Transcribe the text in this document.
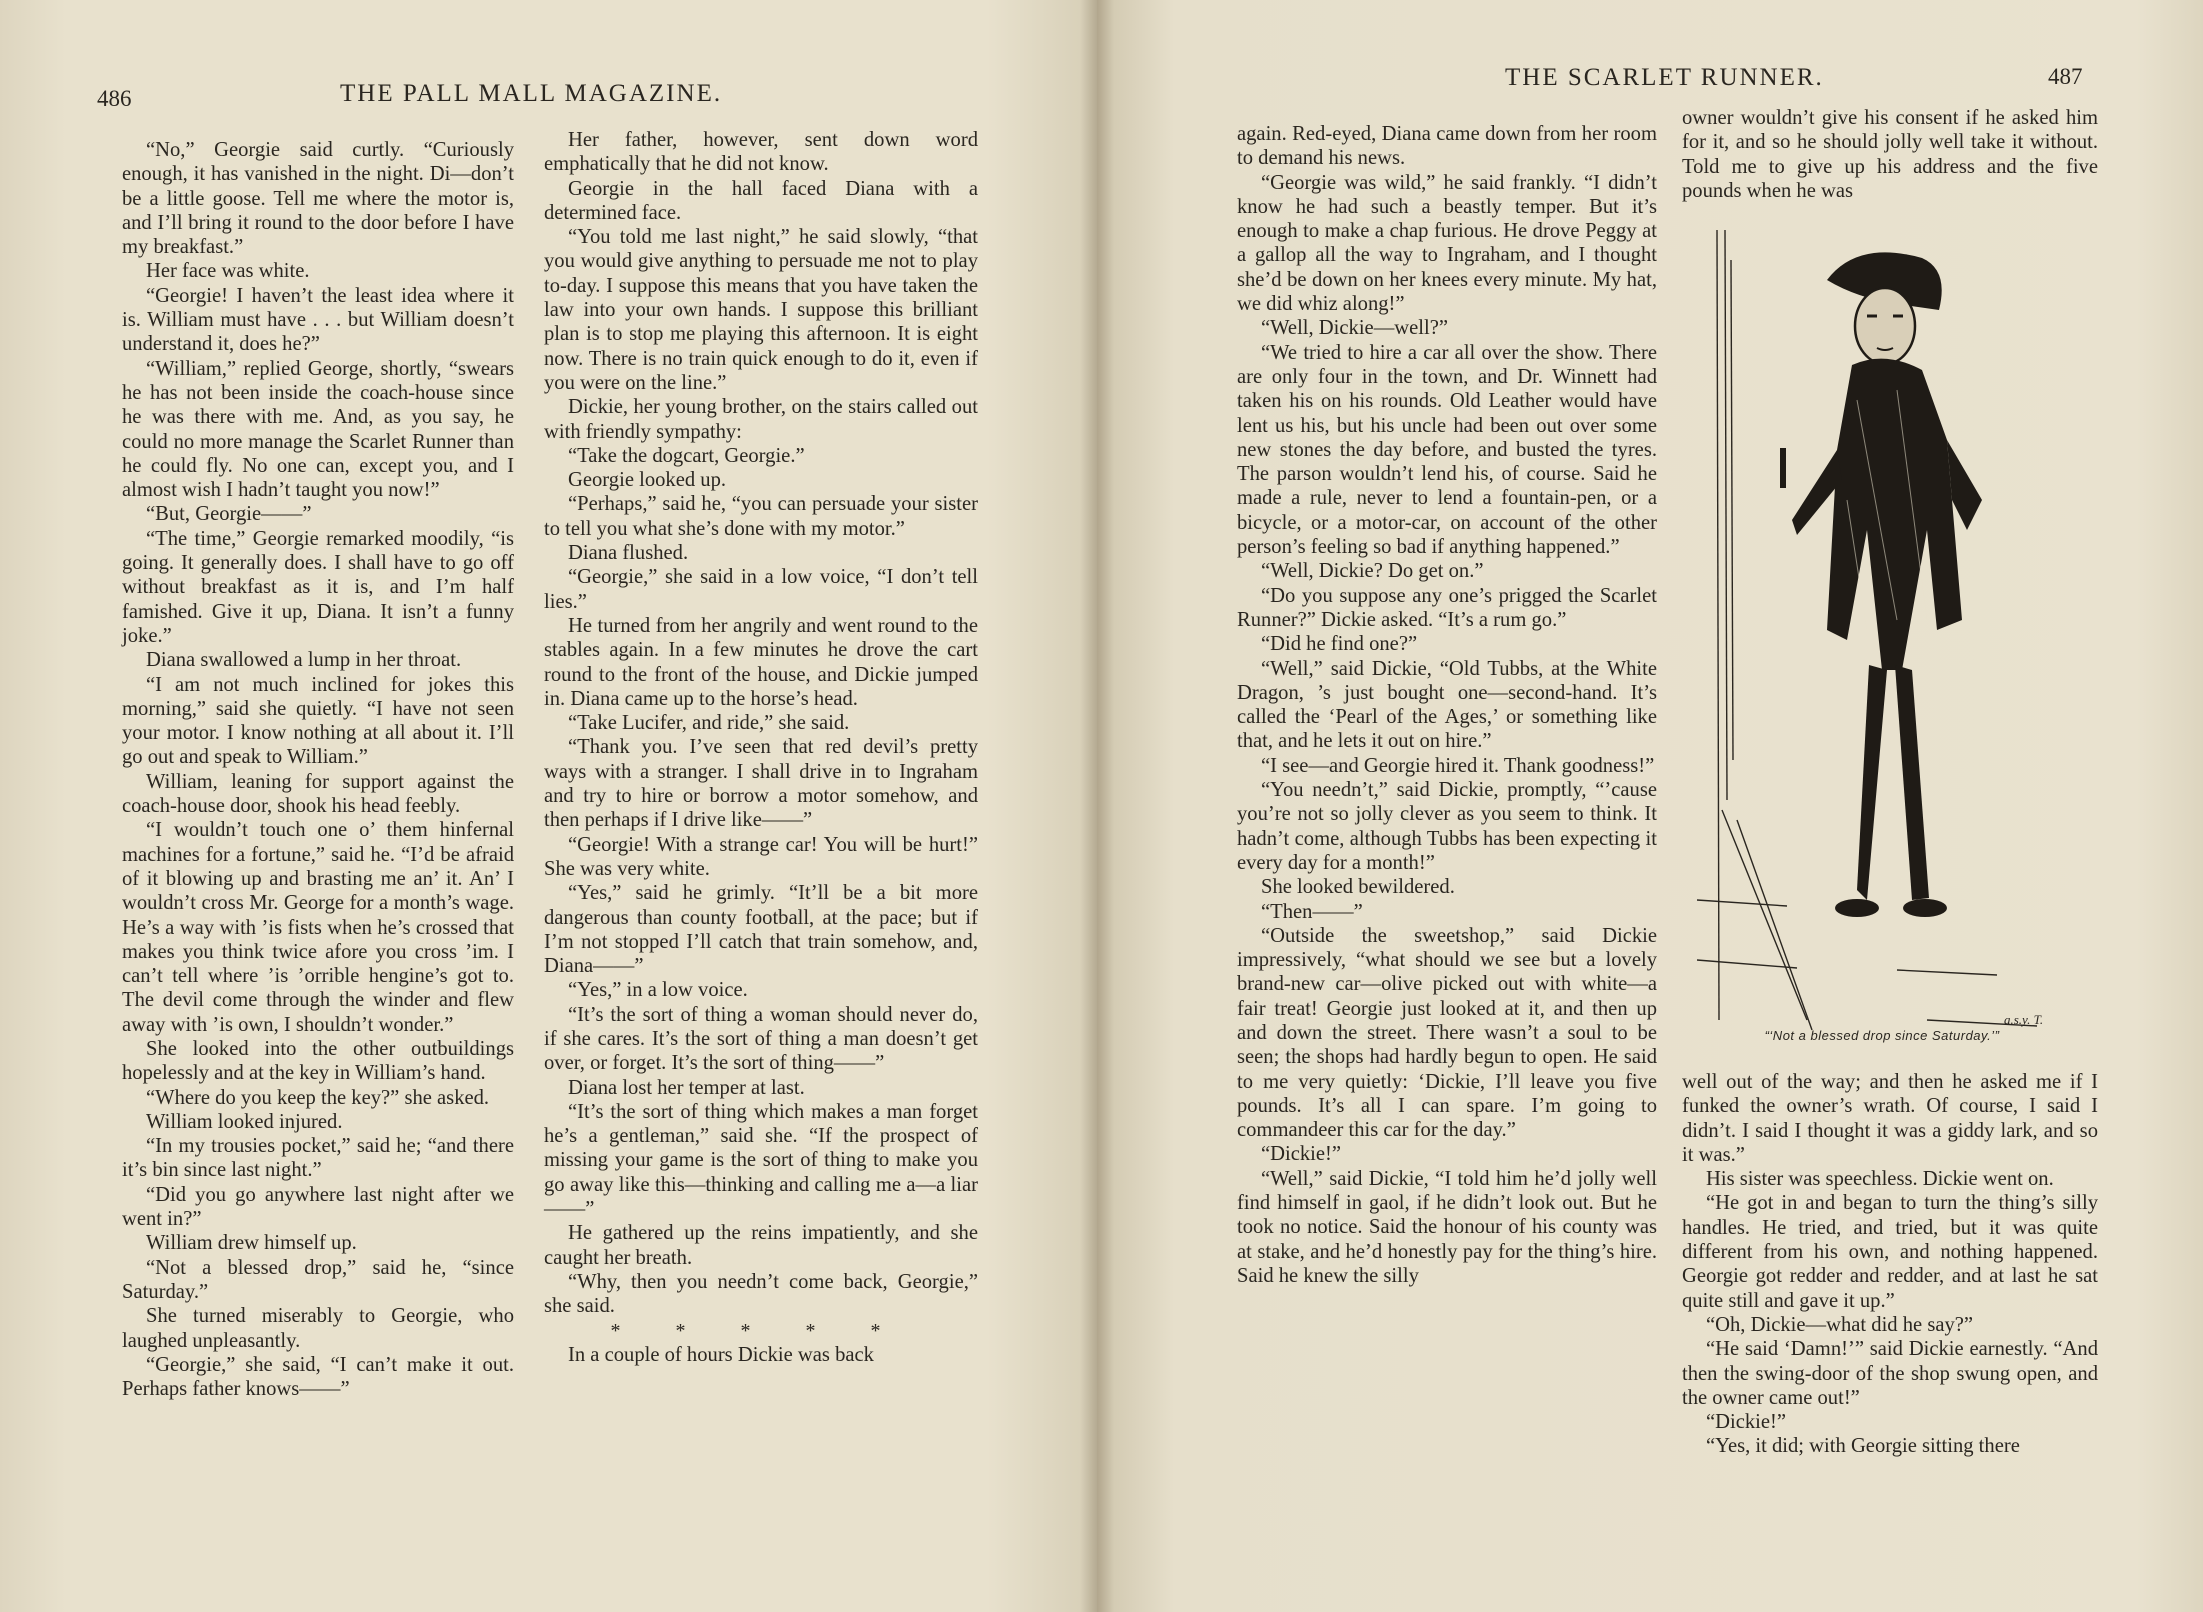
486	THE PALL MALL MAGAZINE.

“No,” Georgie said curtly. “Curiously enough, it has vanished in the night. Di—don’t be a little goose. Tell me where the motor is, and I’ll bring it round to the door before I have my breakfast.”

Her face was white.

“Georgie! I haven’t the least idea where it is. William must have . . . but William doesn’t understand it, does he?”

“William,” replied George, shortly, “swears he has not been inside the coach-house since he was there with me. And, as you say, he could no more manage the Scarlet Runner than he could fly. No one can, except you, and I almost wish I hadn’t taught you now!”

“But, Georgie——”

“The time,” Georgie remarked moodily, “is going. It generally does. I shall have to go off without breakfast as it is, and I’m half famished. Give it up, Diana. It isn’t a funny joke.”

Diana swallowed a lump in her throat.

“I am not much inclined for jokes this morning,” said she quietly. “I have not seen your motor. I know nothing at all about it. I’ll go out and speak to William.”

William, leaning for support against the coach-house door, shook his head feebly.

“I wouldn’t touch one o’ them hinfernal machines for a fortune,” said he. “I’d be afraid of it blowing up and brasting me an’ it. An’ I wouldn’t cross Mr. George for a month’s wage. He’s a way with ’is fists when he’s crossed that makes you think twice afore you cross ’im. I can’t tell where ’is ’orrible hengine’s got to. The devil come through the winder and flew away with ’is own, I shouldn’t wonder.”

She looked into the other outbuildings hopelessly and at the key in William’s hand.

“Where do you keep the key?” she asked.

William looked injured.

“In my trousies pocket,” said he; “and there it’s bin since last night.”

“Did you go anywhere last night after we went in?”

William drew himself up.

“Not a blessed drop,” said he, “since Saturday.”

She turned miserably to Georgie, who laughed unpleasantly.

“Georgie,” she said, “I can’t make it out. Perhaps father knows——”

Her father, however, sent down word emphatically that he did not know.

Georgie in the hall faced Diana with a determined face.

“You told me last night,” he said slowly, “that you would give anything to persuade me not to play to-day. I suppose this means that you have taken the law into your own hands. I suppose this brilliant plan is to stop me playing this afternoon. It is eight now. There is no train quick enough to do it, even if you were on the line.”

Dickie, her young brother, on the stairs called out with friendly sympathy:

“Take the dogcart, Georgie.”

Georgie looked up.

“Perhaps,” said he, “you can persuade your sister to tell you what she’s done with my motor.”

Diana flushed.

“Georgie,” she said in a low voice, “I don’t tell lies.”

He turned from her angrily and went round to the stables again. In a few minutes he drove the cart round to the front of the house, and Dickie jumped in. Diana came up to the horse’s head.

“Take Lucifer, and ride,” she said.

“Thank you. I’ve seen that red devil’s pretty ways with a stranger. I shall drive in to Ingraham and try to hire or borrow a motor somehow, and then perhaps if I drive like——”

“Georgie! With a strange car! You will be hurt!” She was very white.

“Yes,” said he grimly. “It’ll be a bit more dangerous than county football, at the pace; but if I’m not stopped I’ll catch that train somehow, and, Diana——”

“Yes,” in a low voice.

“It’s the sort of thing a woman should never do, if she cares. It’s the sort of thing a man doesn’t get over, or forget. It’s the sort of thing——”

Diana lost her temper at last.

“It’s the sort of thing which makes a man forget he’s a gentleman,” said she. “If the prospect of missing your game is the sort of thing to make you go away like this—thinking and calling me a—a liar——”

He gathered up the reins impatiently, and she caught her breath.

“Why, then you needn’t come back, Georgie,” she said.

*****

In a couple of hours Dickie was back

THE SCARLET RUNNER.	487

again. Red-eyed, Diana came down from her room to demand his news.

“Georgie was wild,” he said frankly. “I didn’t know he had such a beastly temper. But it’s enough to make a chap furious. He drove Peggy at a gallop all the way to Ingraham, and I thought she’d be down on her knees every minute. My hat, we did whiz along!”

“Well, Dickie—well?”

“We tried to hire a car all over the show. There are only four in the town, and Dr. Winnett had taken his on his rounds. Old Leather would have lent us his, but his uncle had been out over some new stones the day before, and busted the tyres. The parson wouldn’t lend his, of course. Said he made a rule, never to lend a fountain-pen, or a bicycle, or a motor-car, on account of the other person’s feeling so bad if anything happened.”

“Well, Dickie? Do get on.”

“Do you suppose any one’s prigged the Scarlet Runner?” Dickie asked. “It’s a rum go.”

“Did he find one?”

“Well,” said Dickie, “Old Tubbs, at the White Dragon, ’s just bought one—second-hand. It’s called the ‘Pearl of the Ages,’ or something like that, and he lets it out on hire.”

“I see—and Georgie hired it. Thank goodness!”

“You needn’t,” said Dickie, promptly, “’cause you’re not so jolly clever as you seem to think. It hadn’t come, although Tubbs has been expecting it every day for a month!”

She looked bewildered.

“Then——”

“Outside the sweetshop,” said Dickie impressively, “what should we see but a lovely brand-new car—olive picked out with white—a fair treat! Georgie just looked at it, and then up and down the street. There wasn’t a soul to be seen; the shops had hardly begun to open. He said to me very quietly: ‘Dickie, I’ll leave you five pounds. It’s all I can spare. I’m going to commandeer this car for the day.”

“Dickie!”

“Well,” said Dickie, “I told him he’d jolly well find himself in gaol, if he didn’t look out. But he took no notice. Said the honour of his county was at stake, and he’d honestly pay for the thing’s hire. Said he knew the silly

owner wouldn’t give his consent if he asked him for it, and so he should jolly well take it without. Told me to give up his address and the five pounds when he was

a.s.y. T.
“‘Not a blessed drop since Saturday.’”

well out of the way; and then he asked me if I funked the owner’s wrath. Of course, I said I didn’t. I said I thought it was a giddy lark, and so it was.”

His sister was speechless. Dickie went on.

“He got in and began to turn the thing’s silly handles. He tried, and tried, but it was quite different from his own, and nothing happened. Georgie got redder and redder, and at last he sat quite still and gave it up.”

“Oh, Dickie—what did he say?”

“He said ‘Damn!’” said Dickie earnestly. “And then the swing-door of the shop swung open, and the owner came out!”

“Dickie!”

“Yes, it did; with Georgie sitting there
